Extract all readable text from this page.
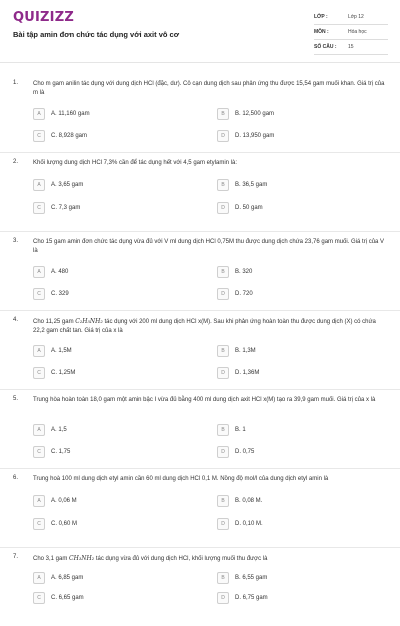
QUIZIZZ
Bài tập amin đơn chức tác dụng với axit vô cơ
LỚP :	Lớp 12
MÔN :	Hóa học
SỐ CÂU :	15
1. Cho m gam anilin tác dụng với dung dịch HCl (đặc, dư). Cô cạn dung dịch sau phản ứng thu được 15,54 gam muối khan. Giá trị của m là
A	A. 11,160 gam	B	B. 12,500 gam
C	C. 8,928 gam	D	D. 13,950 gam
2. Khối lượng dung dịch HCl 7,3% cần để tác dụng hết với 4,5 gam etylamin là:
A	A. 3,65 gam	B	B. 36,5 gam
C	C. 7,3 gam	D	D. 50 gam
3. Cho 15 gam amin đơn chức tác dụng vừa đủ với V ml dung dịch HCl 0,75M thu được dung dịch chứa 23,76 gam muối. Giá trị của V là
A	A. 480	B	B. 320
C	C. 329	D	D. 720
4. Cho 11,25 gam C₂H₅NH₂ tác dụng với 200 ml dung dịch HCl x(M). Sau khi phản ứng hoàn toàn thu được dung dịch (X) có chứa 22,2 gam chất tan. Giá trị của x là
A	A. 1,5M	B	B. 1,3M
C	C. 1,25M	D	D. 1,36M
5. Trung hòa hoàn toàn 18,0 gam một amin bậc I vừa đủ bằng 400 ml dung dịch axit HCl x(M) tạo ra 39,9 gam muối. Giá trị của x là
A	A. 1,5	B	B. 1
C	C. 1,75	D	D. 0,75
6. Trung hoà 100 ml dung dịch etyl amin cần 60 ml dung dịch HCl 0,1 M. Nồng độ mol/l của dung dịch etyl amin là
A	A. 0,06 M	B	B. 0,08 M.
C	C. 0,60 M	D	D. 0,10 M.
7. Cho 3,1 gam CH₃NH₂ tác dụng vừa đủ với dung dịch HCl, khối lượng muối thu được là
A	A. 6,85 gam	B	B. 6,55 gam
C	C. 6,65 gam	D	D. 6,75 gam
